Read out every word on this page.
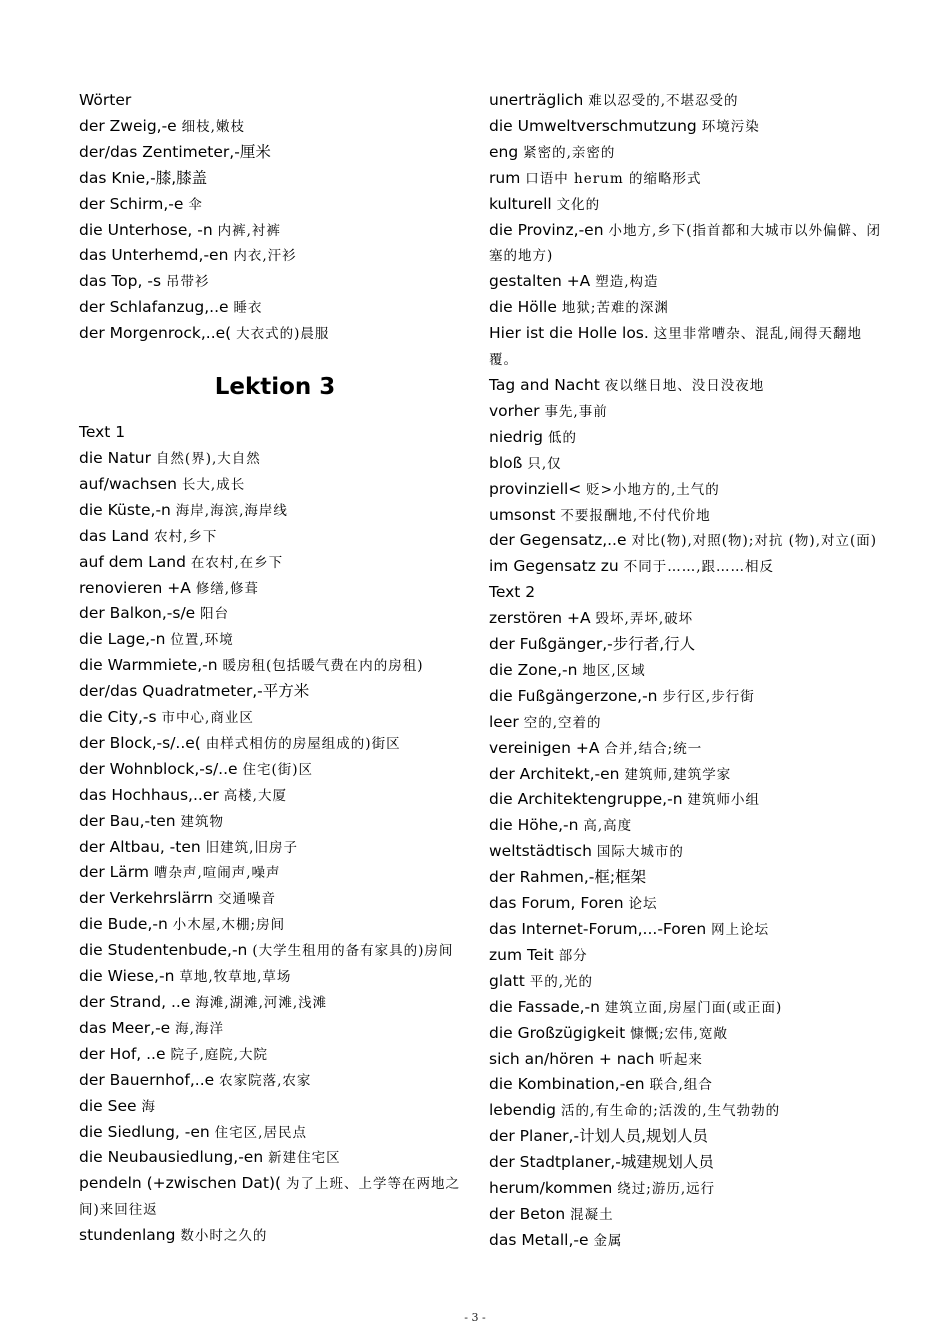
Wörter
der Zweig,-e 细枝,嫩枝
der/das Zentimeter,-厘米
das Knie,-膝,膝盖
der Schirm,-e 伞
die Unterhose, -n 内裤,衬裤
das Unterhemd,-en 内衣,汗衫
das Top, -s 吊带衫
der Schlafanzug,..e 睡衣
der Morgenrock,..e( 大衣式的)晨服
Lektion 3
Text 1
die Natur 自然(界),大自然
auf/wachsen 长大,成长
die Küste,-n 海岸,海滨,海岸线
das Land 农村,乡下
auf dem Land 在农村,在乡下
renovieren +A 修缮,修葺
der Balkon,-s/e 阳台
die Lage,-n 位置,环境
die Warmmiete,-n 暖房租(包括暖气费在内的房租)
der/das Quadratmeter,-平方米
die City,-s 市中心,商业区
der Block,-s/..e( 由样式相仿的房屋组成的)街区
der Wohnblock,-s/..e 住宅(街)区
das Hochhaus,..er 高楼,大厦
der Bau,-ten 建筑物
der Altbau, -ten 旧建筑,旧房子
der Lärm 嘈杂声,喧闹声,噪声
der Verkehrslärrn 交通噪音
die Bude,-n 小木屋,木棚;房间
die Studentenbude,-n (大学生租用的备有家具的)房间
die Wiese,-n 草地,牧草地,草场
der Strand, ..e 海滩,湖滩,河滩,浅滩
das Meer,-e 海,海洋
der Hof, ..e 院子,庭院,大院
der Bauernhof,..e 农家院落,农家
die See 海
die Siedlung, -en 住宅区,居民点
die Neubausiedlung,-en 新建住宅区
pendeln (+zwischen Dat)( 为了上班、上学等在两地之间)来回往返
stundenlang 数小时之久的
unerträglich 难以忍受的,不堪忍受的
die Umweltverschmutzung 环境污染
eng 紧密的,亲密的
rum 口语中 herum 的缩略形式
kulturell 文化的
die Provinz,-en 小地方,乡下(指首都和大城市以外偏僻、闭塞的地方)
gestalten +A 塑造,构造
die Hölle 地狱;苦难的深渊
Hier ist die Holle los. 这里非常嘈杂、混乱,闹得天翻地覆。
Tag and Nacht 夜以继日地、没日没夜地
vorher 事先,事前
niedrig 低的
bloß 只,仅
provinziell< 贬>小地方的,土气的
umsonst 不要报酬地,不付代价地
der Gegensatz,..e 对比(物),对照(物);对抗 (物),对立(面)
im Gegensatz zu 不同于……,跟……相反
Text 2
zerstören +A 毁坏,弄坏,破坏
der Fußgänger,-步行者,行人
die Zone,-n 地区,区域
die Fußgängerzone,-n 步行区,步行街
leer 空的,空着的
vereinigen +A 合并,结合;统一
der Architekt,-en 建筑师,建筑学家
die Architektengruppe,-n 建筑师小组
die Höhe,-n 高,高度
weltstädtisch 国际大城市的
der Rahmen,-框;框架
das Forum, Foren 论坛
das Internet-Forum,...-Foren 网上论坛
zum Teit 部分
glatt 平的,光的
die Fassade,-n 建筑立面,房屋门面(或正面)
die Großzügigkeit 慷慨;宏伟,宽敞
sich an/hören + nach 听起来
die Kombination,-en 联合,组合
lebendig 活的,有生命的;活泼的,生气勃勃的
der Planer,-计划人员,规划人员
der Stadtplaner,-城建规划人员
herum/kommen 绕过;游历,远行
der Beton 混凝土
das Metall,-e 金属
- 3 -
